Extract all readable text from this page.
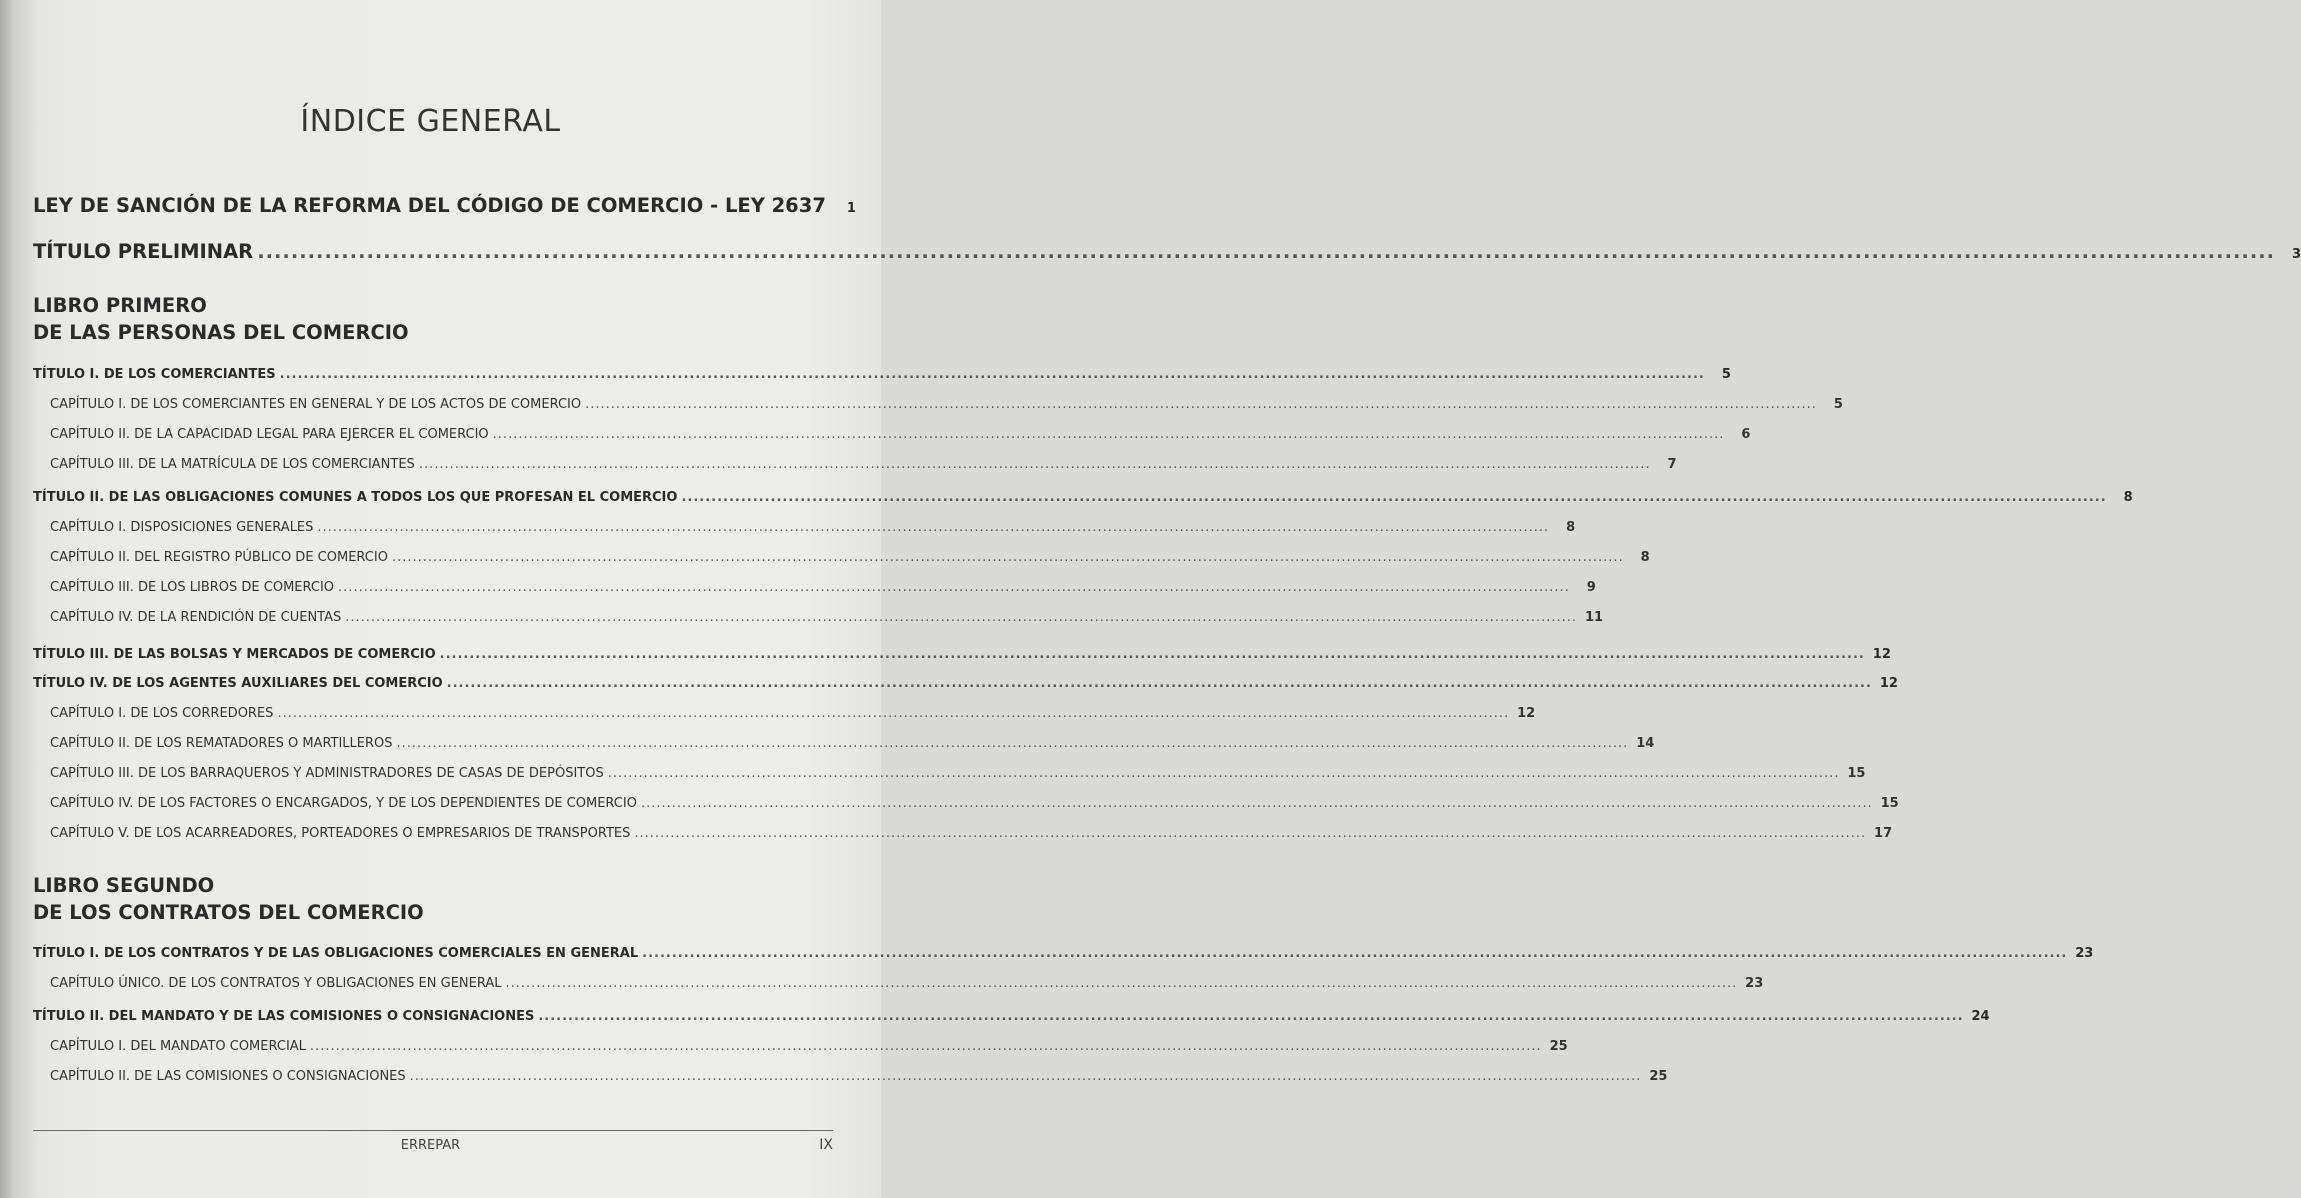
ÍNDICE GENERAL
LEY DE SANCIÓN DE LA REFORMA DEL CÓDIGO DE COMERCIO - LEY 2637	1
TÍTULO PRELIMINAR .....	3
LIBRO PRIMERO
DE LAS PERSONAS DEL COMERCIO
TÍTULO I. DE LOS COMERCIANTES .....	5
CAPÍTULO I. DE LOS COMERCIANTES EN GENERAL Y DE LOS ACTOS DE COMERCIO .....	5
CAPÍTULO II. DE LA CAPACIDAD LEGAL PARA EJERCER EL COMERCIO .....	6
CAPÍTULO III. DE LA MATRÍCULA DE LOS COMERCIANTES .....	7
TÍTULO II. DE LAS OBLIGACIONES COMUNES A TODOS LOS QUE PROFESAN EL COMERCIO .....	8
CAPÍTULO I. DISPOSICIONES GENERALES .....	8
CAPÍTULO II. DEL REGISTRO PÚBLICO DE COMERCIO .....	8
CAPÍTULO III. DE LOS LIBROS DE COMERCIO .....	9
CAPÍTULO IV. DE LA RENDICIÓN DE CUENTAS .....	11
TÍTULO III. DE LAS BOLSAS Y MERCADOS DE COMERCIO .....	12
TÍTULO IV. DE LOS AGENTES AUXILIARES DEL COMERCIO .....	12
CAPÍTULO I. DE LOS CORREDORES .....	12
CAPÍTULO II. DE LOS REMATADORES O MARTILLEROS .....	14
CAPÍTULO III. DE LOS BARRAQUEROS Y ADMINISTRADORES DE CASAS DE DEPÓSITOS .....	15
CAPÍTULO IV. DE LOS FACTORES O ENCARGADOS, Y DE LOS DEPENDIENTES DE COMERCIO .....	15
CAPÍTULO V. DE LOS ACARREADORES, PORTEADORES O EMPRESARIOS DE TRANSPORTES .....	17
LIBRO SEGUNDO
DE LOS CONTRATOS DEL COMERCIO
TÍTULO I. DE LOS CONTRATOS Y DE LAS OBLIGACIONES COMERCIALES EN GENERAL .....	23
CAPÍTULO ÚNICO. DE LOS CONTRATOS Y OBLIGACIONES EN GENERAL .....	23
TÍTULO II. DEL MANDATO Y DE LAS COMISIONES O CONSIGNACIONES .....	24
CAPÍTULO I. DEL MANDATO COMERCIAL .....	25
CAPÍTULO II. DE LAS COMISIONES O CONSIGNACIONES .....	25
ERREPAR	IX
